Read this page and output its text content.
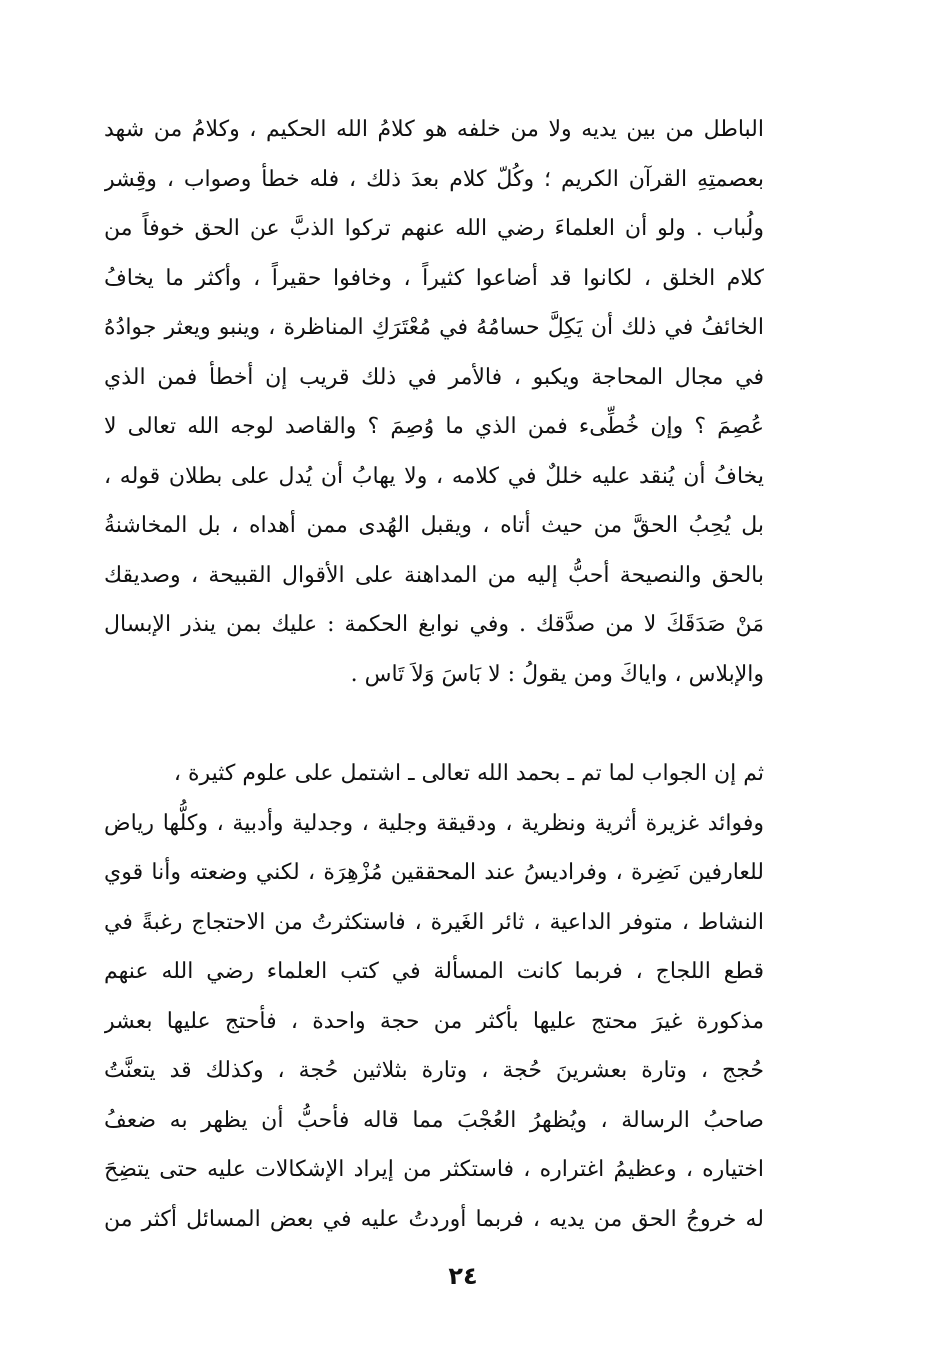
الباطل من بين يديه ولا من خلفه هو كلامُ الله الحكيم ، وكلامُ من شهد
بعصمتِهِ القرآن الكريم ؛ وكُلّ كلام بعدَ ذلك ، فله خطأ وصواب ، وقِشر
ولُباب . ولو أن العلماءَ رضي الله عنهم تركوا الذبَّ عن الحق خوفاً من
كلام الخلق ، لكانوا قد أضاعوا كثيراً ، وخافوا حقيراً ، وأكثر ما يخافُ
الخائفُ في ذلك أن يَكِلَّ حسامُهُ في مُعْتَرَكِ المناظرة ، وينبو ويعثر جوادُهُ
في مجال المحاجة ويكبو ، فالأمر في ذلك قريب إن أخطأ فمن الذي
عُصِمَ ؟ وإن خُطِّىء فمن الذي ما وُصِمَ ؟ والقاصد لوجه الله تعالى لا
يخافُ أن يُنقد عليه خللٌ في كلامه ، ولا يهابُ أن يُدل على بطلان قوله ،
بل يُحِبُ الحقَّ من حيث أتاه ، ويقبل الهُدى ممن أهداه ، بل المخاشنةُ
بالحق والنصيحة أحبُّ إليه من المداهنة على الأقوال القبيحة ، وصديقك
مَنْ صَدَقَكَ لا من صدَّقك . وفي نوابغ الحكمة : عليك بمن ينذر الإبسال
والإبلاس ، واياكَ ومن يقولُ : لا بَاسَ وَلاَ تَاس .
ثم إن الجواب لما تم ـ بحمد الله تعالى ـ اشتمل على علوم كثيرة ،
وفوائد غزيرة أثرية ونظرية ، ودقيقة وجلية ، وجدلية وأدبية ، وكلُّها رياض
للعارفين نَضِرة ، وفراديسُ عند المحققين مُزْهِرَة ، لكني وضعته وأنا قوي
النشاط ، متوفر الداعية ، ثائر الغَيرة ، فاستكثرتُ من الاحتجاج رغبةً في
قطع اللجاج ، فربما كانت المسألة في كتب العلماء رضي الله عنهم
مذكورة غيرَ محتج عليها بأكثر من حجة واحدة ، فأحتج عليها بعشر
حُجج ، وتارة بعشرينَ حُجة ، وتارة بثلاثين حُجة ، وكذلك قد يتعنَّتُ
صاحبُ الرسالة ، ويُظهرُ العُجْبَ مما قاله فأحبُّ أن يظهر به ضعفُ
اختياره ، وعظيمُ اغتراره ، فاستكثر من إيراد الإشكالات عليه حتى يتضِحَ
له خروجُ الحق من يديه ، فربما أوردتُ عليه في بعض المسائل أكثر من
٢٤
